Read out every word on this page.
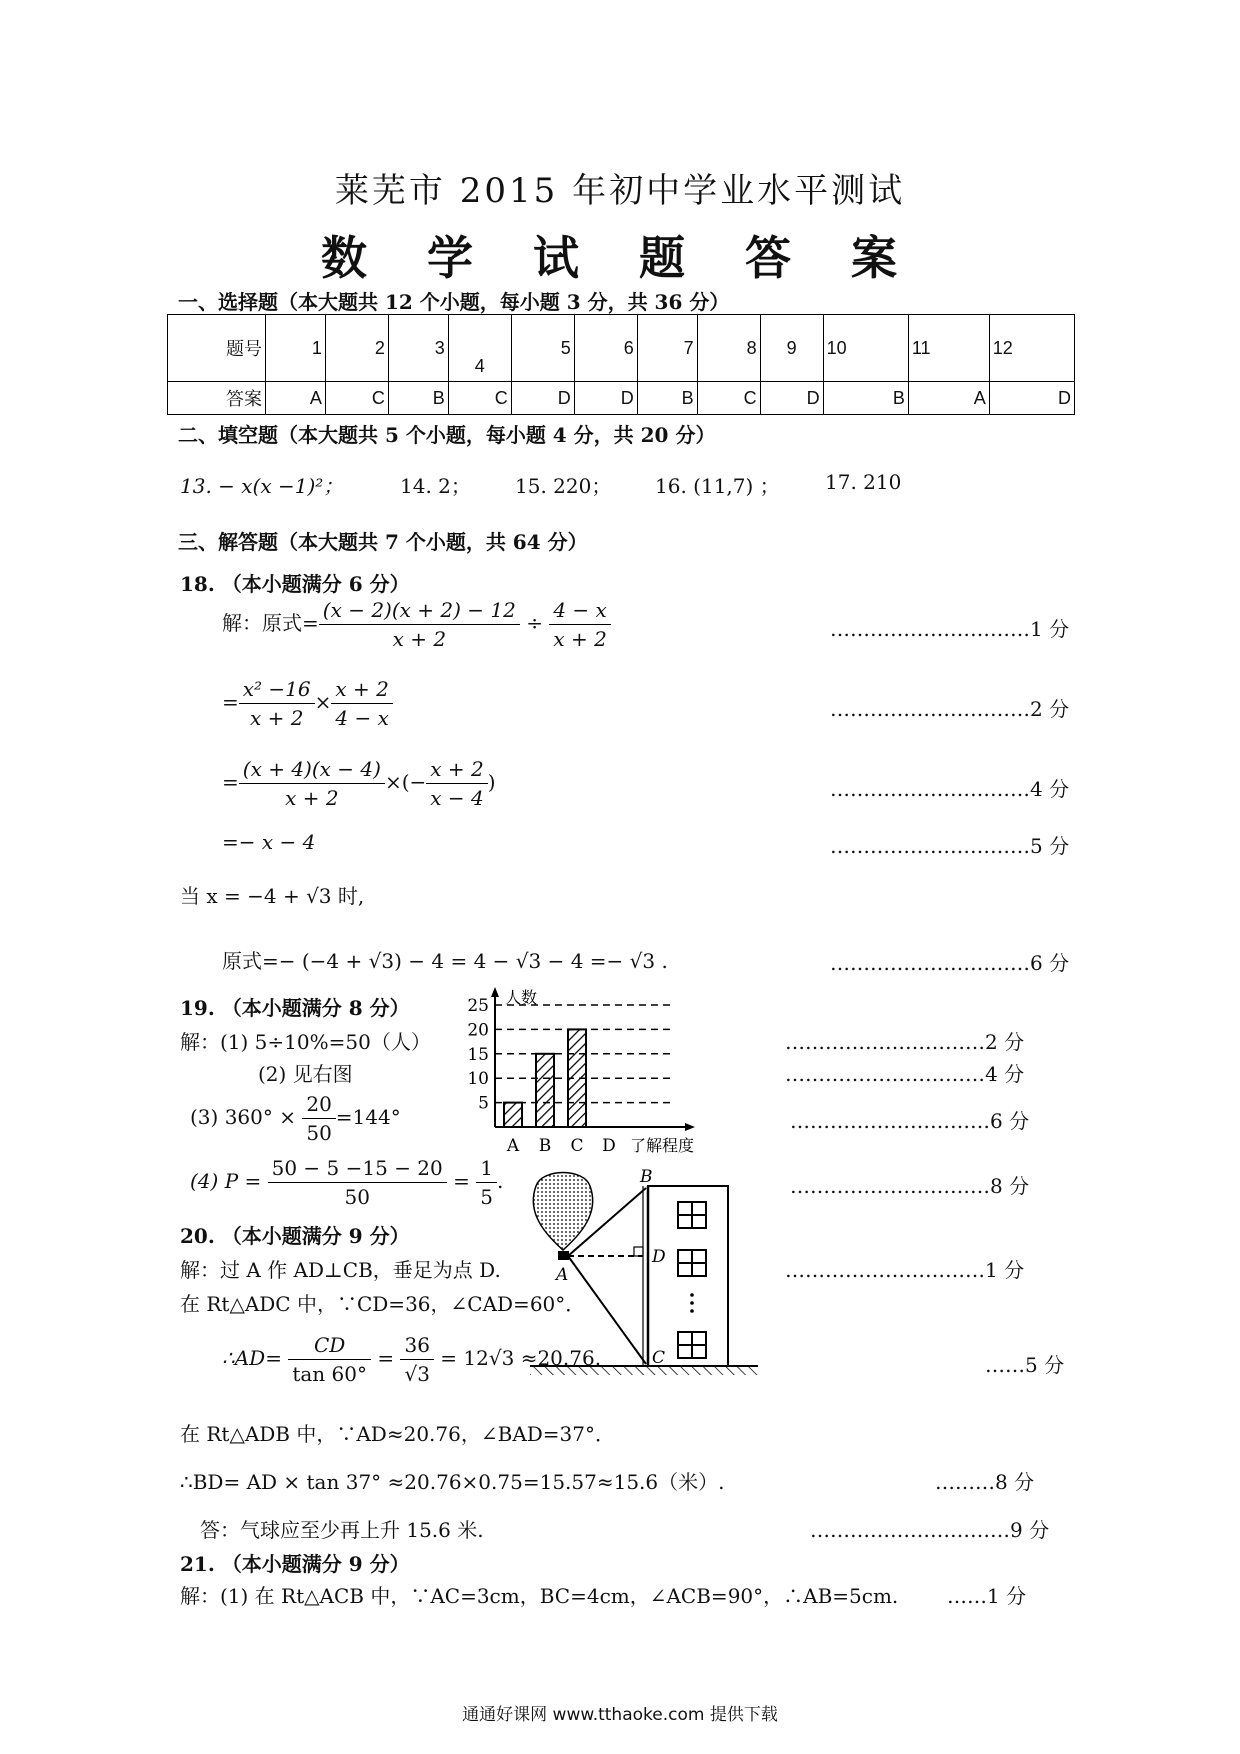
莱芜市 2015 年初中学业水平测试
数 学 试 题 答 案
一、选择题（本大题共 12 个小题，每小题 3 分，共 36 分）
题号	1	2	3	4	5	6	7	8	9	10	11	12
答案	A	C	B	C	D	D	B	C	D	B	A	D
二、填空题（本大题共 5 个小题，每小题 4 分，共 20 分）
13. − x(x −1)²；	14. 2； 15. 220； 16. (11,7) ； 17. 210
三、解答题（本大题共 7 个小题，共 64 分）
18. （本小题满分 6 分）
解：原式= $\frac{(x - 2)(x + 2) - 12}{x + 2} \div \frac{4 - x}{x + 2}$	…………………………1 分
= $\frac{\text{x² −16}}{x + 2} \times \frac{x + 2}{4 - x}$	…………………………2 分
= $\frac{(x + 4)(x - 4)}{x + 2}$ ×(− $\frac{x + 2}{x - 4}$ )	…………………………4 分
=− x − 4	…………………………5 分
当 x = −4 + √3 时,
原式=− (−4 + √3) − 4 = 4 − √3 − 4 =− √3 .	…………………………6 分
19. （本小题满分 8 分）
解：(1) 5÷10%=50（人）
(2) 见右图
…………………………2 分
…………………………4 分
(3) $360^\circ \times \frac{20}{50} =144^\circ$	…………………………6 分
(4) $P = \frac{50 - 5 -15 - 20}{50} = \frac{1}{5}$ .	…………………………8 分
人数
5
10
15
20
25
A B C D 了解程度
B
A
D
C
20. （本小题满分 9 分）
解：过 A 作 AD⊥CB，垂足为点 D.	…………………………1 分
在 Rt△ADC 中，∵CD=36，∠CAD=60°．
∴AD= $\frac{CD}{\tan 60^\circ} = \frac{36}{√3} = 12√3 \approx 20.76$.	……5 分
在 Rt△ADB 中，∵AD≈20.76，∠BAD=37°．
∴BD= AD × tan 37° ≈20.76×0.75=15.57≈15.6（米）.	………8 分
答：气球应至少再上升 15.6 米.	…………………………9 分
21. （本小题满分 9 分）
解：(1) 在 Rt△ACB 中，∵AC=3cm，BC=4cm，∠ACB=90°，∴AB=5cm. ……1 分
通通好课网 www.tthaoke.com 提供下载
